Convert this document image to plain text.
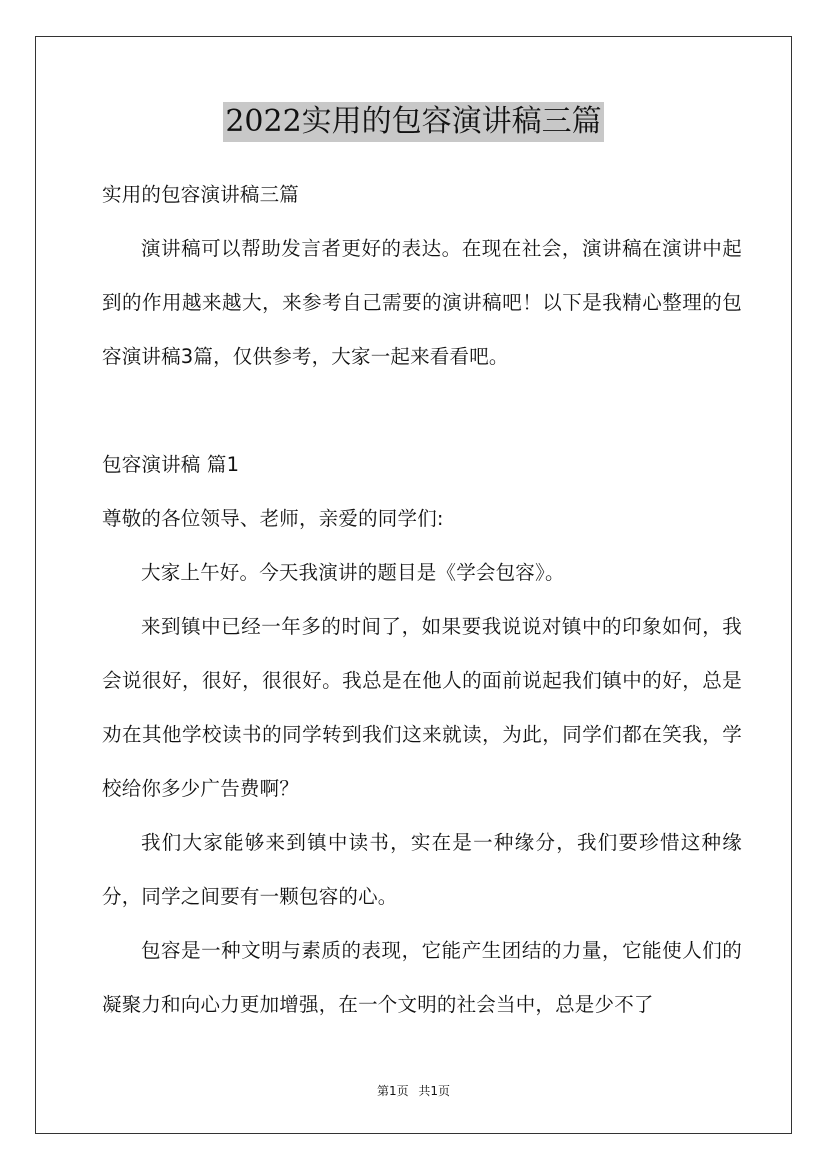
2022实用的包容演讲稿三篇

实用的包容演讲稿三篇

演讲稿可以帮助发言者更好的表达。在现在社会，演讲稿在演讲中起到的作用越来越大，来参考自己需要的演讲稿吧！以下是我精心整理的包容演讲稿3篇，仅供参考，大家一起来看看吧。

包容演讲稿 篇1

尊敬的各位领导、老师，亲爱的同学们:

大家上午好。今天我演讲的题目是《学会包容》。

来到镇中已经一年多的时间了，如果要我说说对镇中的印象如何，我会说很好，很好，很很好。我总是在他人的面前说起我们镇中的好，总是劝在其他学校读书的同学转到我们这来就读，为此，同学们都在笑我，学校给你多少广告费啊？

我们大家能够来到镇中读书，实在是一种缘分，我们要珍惜这种缘分，同学之间要有一颗包容的心。

包容是一种文明与素质的表现，它能产生团结的力量，它能使人们的凝聚力和向心力更加增强，在一个文明的社会当中，总是少不了

第1页 共1页
